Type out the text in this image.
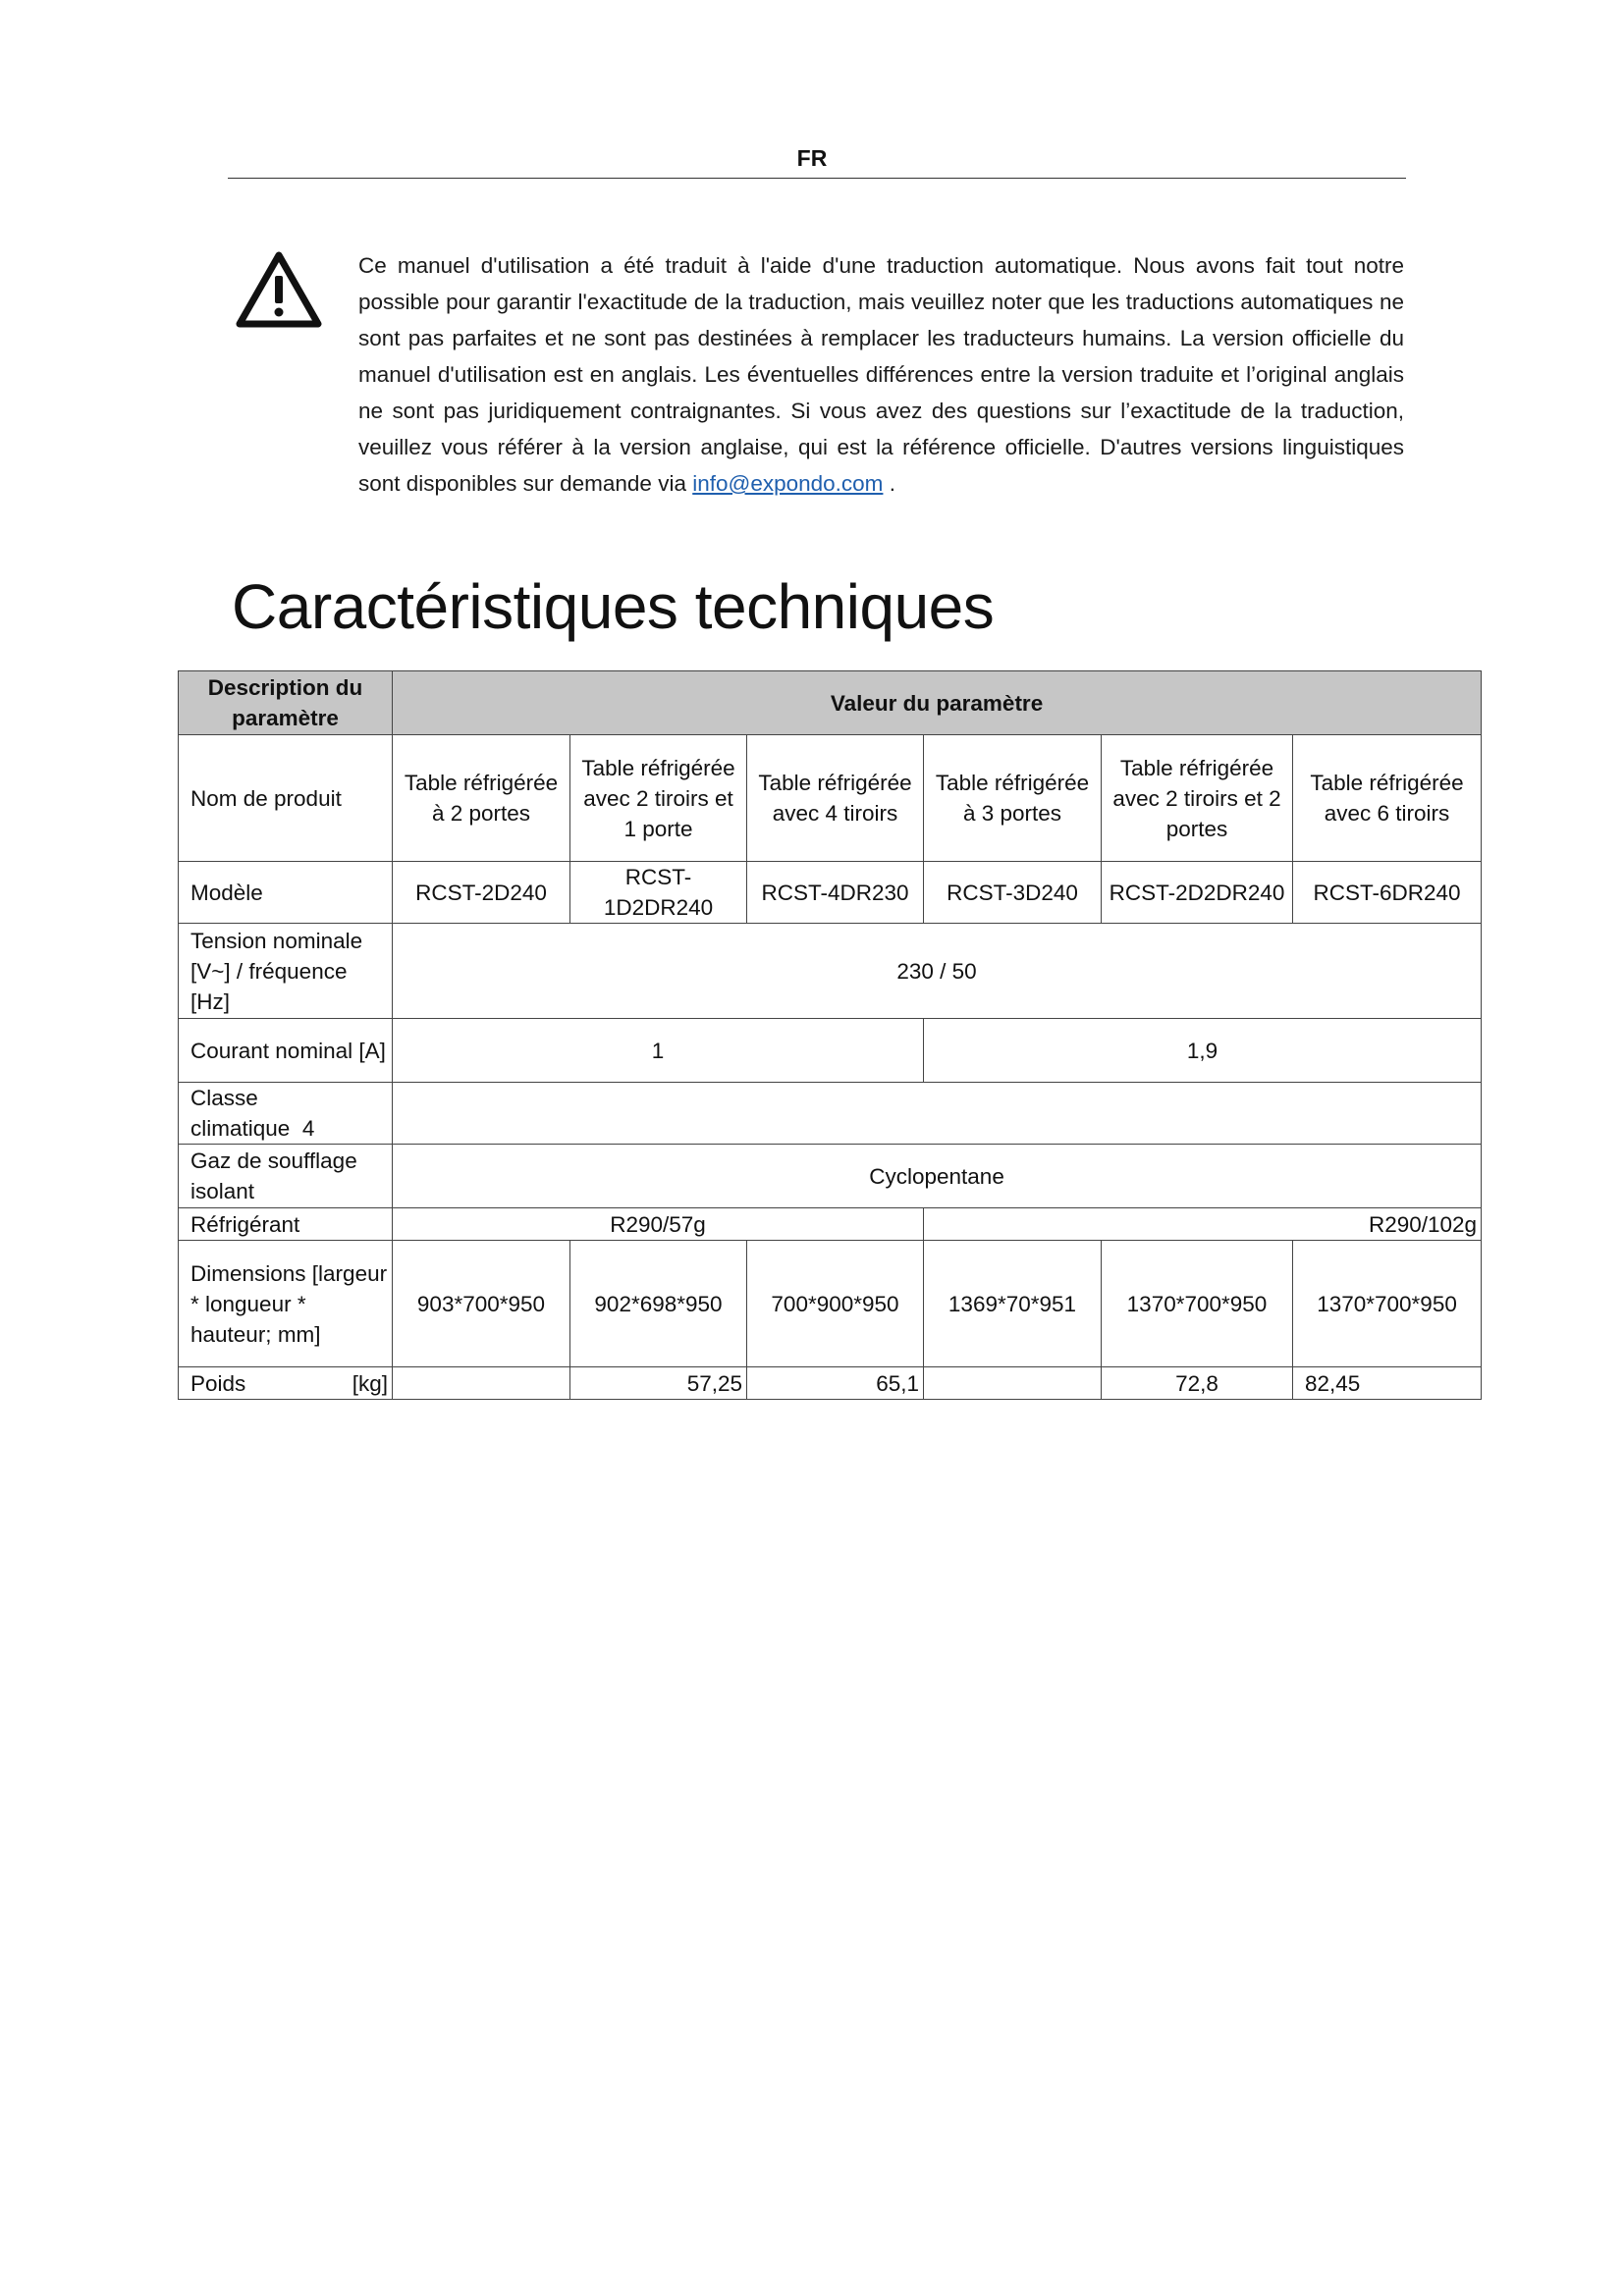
FR
Ce manuel d'utilisation a été traduit à l'aide d'une traduction automatique. Nous avons fait tout notre possible pour garantir l'exactitude de la traduction, mais veuillez noter que les traductions automatiques ne sont pas parfaites et ne sont pas destinées à remplacer les traducteurs humains. La version officielle du manuel d'utilisation est en anglais. Les éventuelles différences entre la version traduite et l’original anglais ne sont pas juridiquement contraignantes. Si vous avez des questions sur l’exactitude de la traduction, veuillez vous référer à la version anglaise, qui est la référence officielle. D'autres versions linguistiques sont disponibles sur demande via info@expondo.com .
Caractéristiques techniques
Description du paramètre	Valeur du paramètre					
Nom de produit	Table réfrigérée à 2 portes	Table réfrigérée avec 2 tiroirs et 1 porte	Table réfrigérée avec 4 tiroirs	Table réfrigérée à 3 portes	Table réfrigérée avec 2 tiroirs et 2 portes	Table réfrigérée avec 6 tiroirs
Modèle	RCST-2D240	RCST-1D2DR240	RCST-4DR230	RCST-3D240	RCST-2D2DR240	RCST-6DR240
Tension nominale [V~] / fréquence [Hz]	230 / 50					
Courant nominal [A]	1			1,9		
Classe climatique 4						
Gaz de soufflage isolant	Cyclopentane					
Réfrigérant	R290/57g			R290/102g		
Dimensions [largeur * longueur * hauteur; mm]	903*700*950	902*698*950	700*900*950	1369*70*951	1370*700*950	1370*700*950
Poids [kg]		57,25	65,1		72,8	82,45
